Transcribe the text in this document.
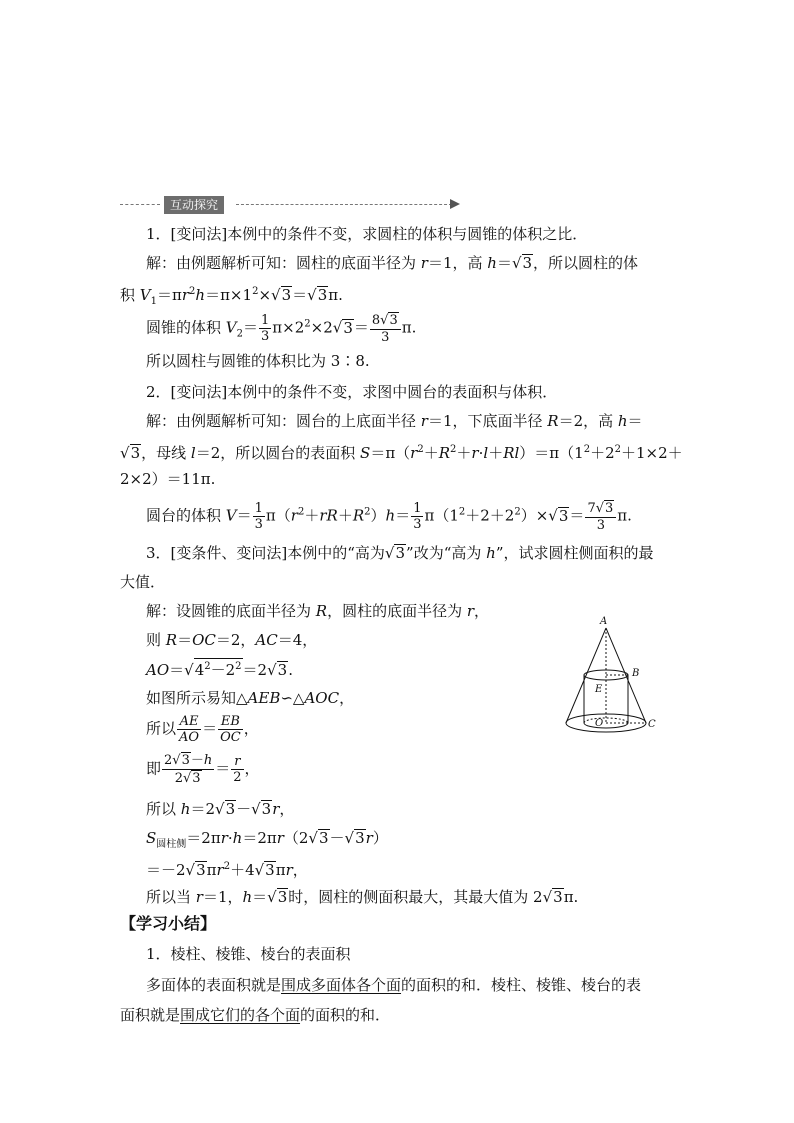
互动探究
1．[变问法]本例中的条件不变，求圆柱的体积与圆锥的体积之比．
解：由例题解析可知：圆柱的底面半径为 r＝1，高 h＝√3，所以圆柱的体
积 $V_1=\pi r^2h=\pi\times 1^2\times√3=√3\pi$.
圆锥的体积 $V_2= \frac{1}{3} \pi\times 2^2\times 2√3= \frac{8√3}{3} \pi$.
所以圆柱与圆锥的体积比为 3∶8.
2．[变问法]本例中的条件不变，求图中圆台的表面积与体积．
解：由例题解析可知：圆台的上底面半径 r＝1，下底面半径 R＝2，高 h＝
√3，母线 l＝2，所以圆台的表面积 $S=\pi(r^2+R^2+r\cdot l+Rl)=\pi(1^2+2^2+1\times 2+$
2×2）＝11π.
圆台的体积 $V= \frac{1}{3} \pi(r^2+rR+R^2)h= \frac{1}{3} \pi(1^2+2+2^2)\times√3= \frac{7√3}{3} \pi$.
3．[变条件、变问法]本例中的“高为√3”改为“高为 h”，试求圆柱侧面积的最
大值．
解：设圆锥的底面半径为 R，圆柱的底面半径为 r，
则 R＝OC＝2，AC＝4，
$AO=√4^2-2^2=2√3$.
如图所示易知△AEB∽△AOC，
所以 $\frac{AE}{AO} = \frac{EB}{OC}$ ，
即 $\frac{2√3-h}{2√3} = \frac{r}{2}$ ，
所以 h＝2√3－√3r，
$S_{圆柱侧}=2\pi r\cdot h=2\pi r(2√3-√3r)$
$=-2√3\pi r^2+4√3\pi r$，
所以当 r＝1，h＝√3时，圆柱的侧面积最大，其最大值为 2√3π.
【学习小结】
1．棱柱、棱锥、棱台的表面积
多面体的表面积就是围成多面体各个面的面积的和．棱柱、棱锥、棱台的表
面积就是围成它们的各个面的面积的和．
A
B
E
O	C
